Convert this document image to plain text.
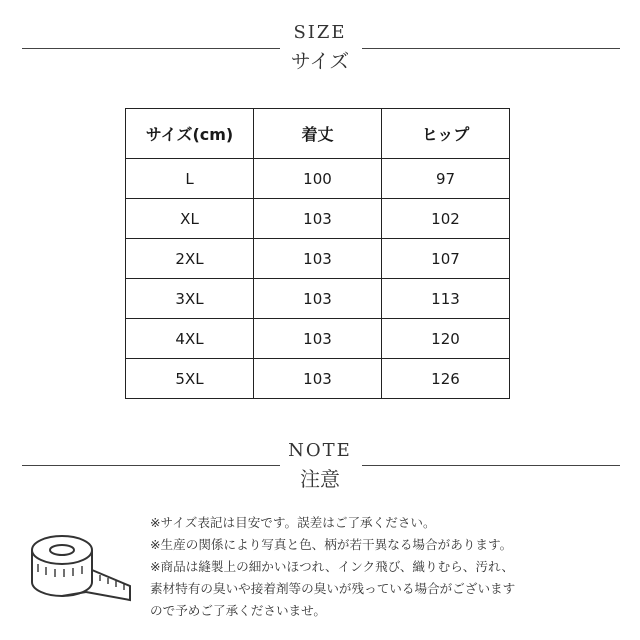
SIZE
サイズ
サイズ(cm)	着丈	ヒップ
L	100	97
XL	103	102
2XL	103	107
3XL	103	113
4XL	103	120
5XL	103	126
NOTE
注意
※サイズ表記は目安です。誤差はご了承ください。
※生産の関係により写真と色、柄が若干異なる場合があります。
※商品は縫製上の細かいほつれ、インク飛び、織りむら、汚れ、
素材特有の臭いや接着剤等の臭いが残っている場合がございます
ので予めご了承くださいませ。
